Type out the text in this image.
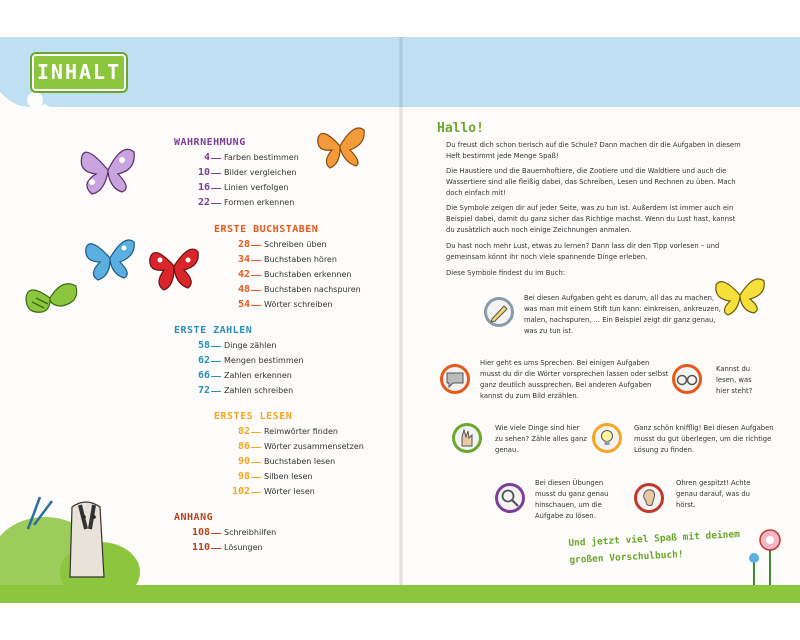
INHALT
WAHRNEHMUNG
4 Farben bestimmen
10 Bilder vergleichen
16 Linien verfolgen
22 Formen erkennen
ERSTE BUCHSTABEN
28 Schreiben üben
34 Buchstaben hören
42 Buchstaben erkennen
48 Buchstaben nachspuren
54 Wörter schreiben
ERSTE ZAHLEN
58 Dinge zählen
62 Mengen bestimmen
66 Zahlen erkennen
72 Zahlen schreiben
ERSTES LESEN
82 Reimwörter finden
86 Wörter zusammensetzen
90 Buchstaben lesen
98 Silben lesen
102 Wörter lesen
ANHANG
108 Schreibhilfen
110 Lösungen
Hallo!
Du freust dich schon tierisch auf die Schule? Dann machen dir die Aufgaben in diesem Heft bestimmt jede Menge Spaß!
Die Haustiere und die Bauernhoftiere, die Zootiere und die Waldtiere und auch die Wassertiere sind alle fleißig dabei, das Schreiben, Lesen und Rechnen zu üben. Mach doch einfach mit!
Die Symbole zeigen dir auf jeder Seite, was zu tun ist. Außerdem ist immer auch ein Beispiel dabei, damit du ganz sicher das Richtige machst. Wenn du Lust hast, kannst du zusätzlich auch noch einige Zeichnungen anmalen.
Du hast noch mehr Lust, etwas zu lernen? Dann lass dir den Tipp vorlesen – und gemeinsam könnt ihr noch viele spannende Dinge erleben.
Diese Symbole findest du im Buch:
Bei diesen Aufgaben geht es darum, all das zu machen, was man mit einem Stift tun kann: einkreisen, ankreuzen, malen, nachspuren, ... Ein Beispiel zeigt dir ganz genau, was zu tun ist.
Hier geht es ums Sprechen. Bei einigen Aufgaben musst du dir die Wörter vorsprechen lassen oder selbst ganz deutlich aussprechen. Bei anderen Aufgaben kannst du zum Bild erzählen.
Kannst du lesen, was hier steht?
Wie viele Dinge sind hier zu sehen? Zähle alles ganz genau.
Ganz schön knifflig! Bei diesen Aufgaben musst du gut überlegen, um die richtige Lösung zu finden.
Bei diesen Übungen musst du ganz genau hinschauen, um die Aufgabe zu lösen.
Ohren gespitzt! Achte genau darauf, was du hörst.
Und jetzt viel Spaß mit deinem großen Vorschulbuch!
